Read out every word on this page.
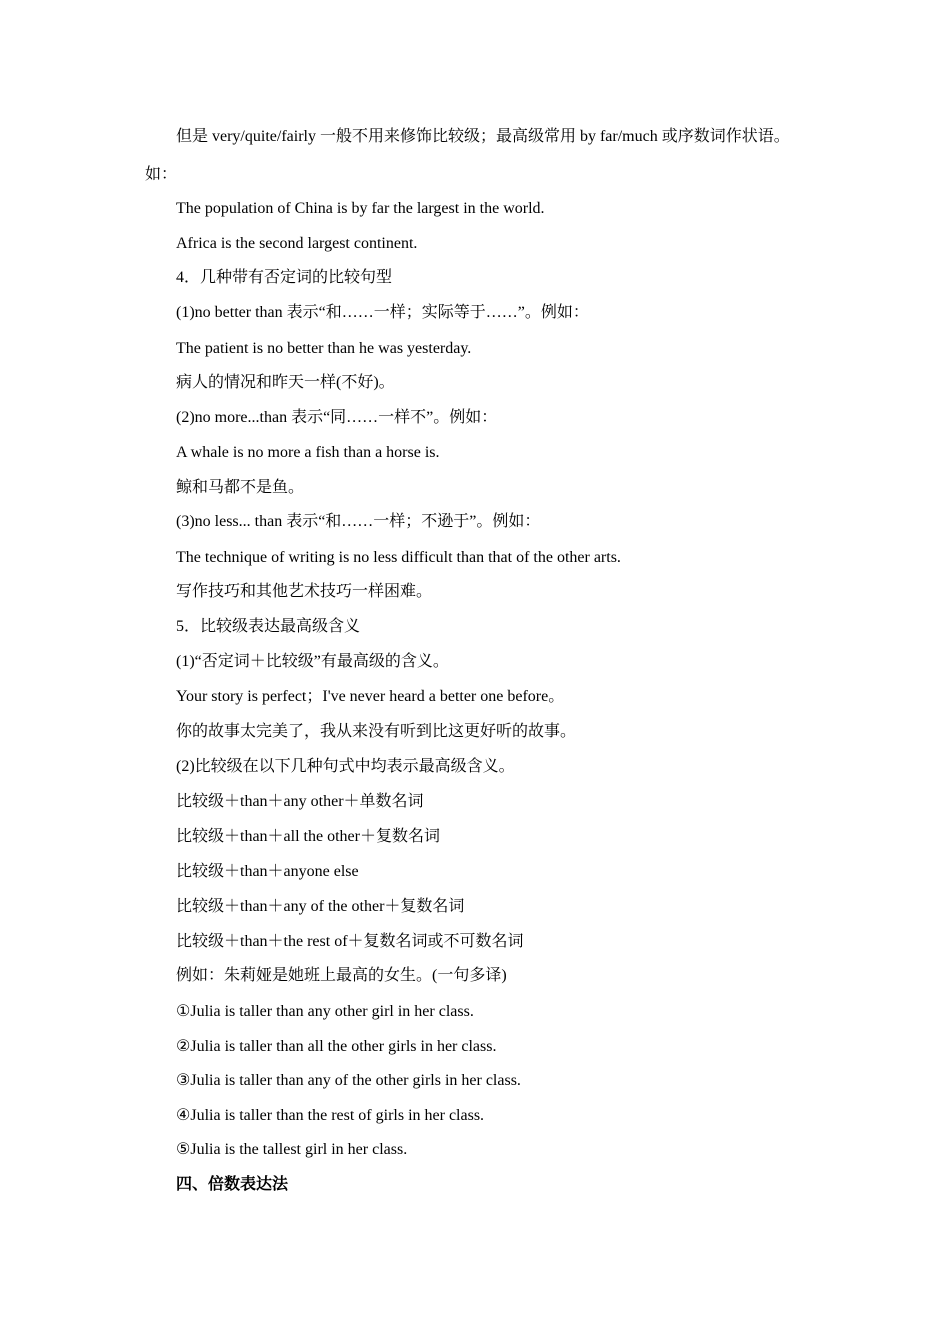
但是 very/quite/fairly 一般不用来修饰比较级；最高级常用 by far/much 或序数词作状语。
如：
The population of China is by far the largest in the world.
Africa is the second largest continent.
4．几种带有否定词的比较句型
(1)no better than 表示“和……一样；实际等于……”。例如：
The patient is no better than he was yesterday.
病人的情况和昨天一样(不好)。
(2)no more...than 表示“同……一样不”。例如：
A whale is no more a fish than a horse is.
鲸和马都不是鱼。
(3)no less... than 表示“和……一样；不逊于”。例如：
The technique of writing is no less difficult than that of the other arts.
写作技巧和其他艺术技巧一样困难。
5．比较级表达最高级含义
(1)“否定词＋比较级”有最高级的含义。
Your story is perfect；I've never heard a better one before。
你的故事太完美了，我从来没有听到比这更好听的故事。
(2)比较级在以下几种句式中均表示最高级含义。
比较级＋than＋any other＋单数名词
比较级＋than＋all the other＋复数名词
比较级＋than＋anyone else
比较级＋than＋any of the other＋复数名词
比较级＋than＋the rest of＋复数名词或不可数名词
例如：朱莉娅是她班上最高的女生。(一句多译)
①Julia is taller than any other girl in her class.
②Julia is taller than all the other girls in her class.
③Julia is taller than any of the other girls in her class.
④Julia is taller than the rest of girls in her class.
⑤Julia is the tallest girl in her class.
四、倍数表达法
